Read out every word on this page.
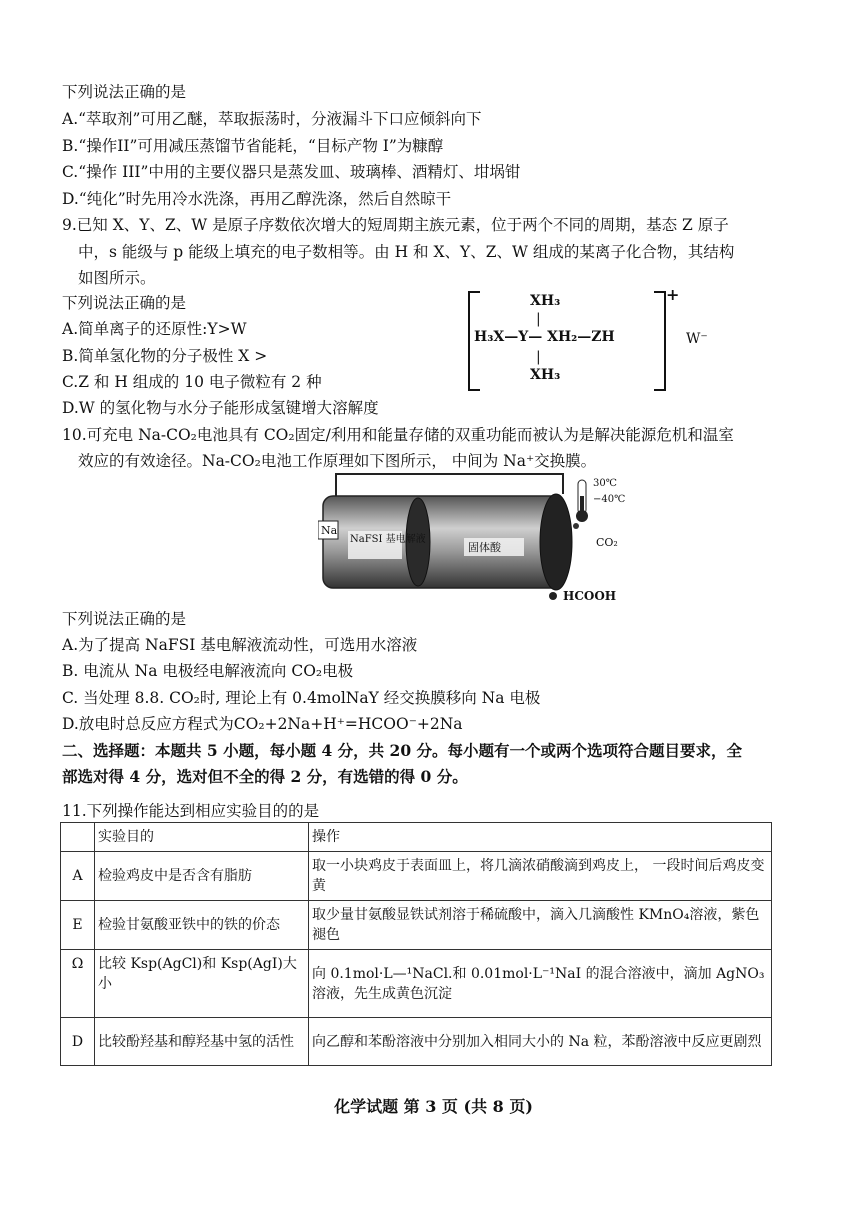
下列说法正确的是
A.“萃取剂”可用乙醚，萃取振荡时，分液漏斗下口应倾斜向下
B.“操作II”可用减压蒸馏节省能耗，“目标产物 I”为糠醇
C.“操作 III”中用的主要仪器只是蒸发皿、玻璃棒、酒精灯、坩埚钳
D.“纯化”时先用冷水洗涤，再用乙醇洗涤，然后自然晾干
9.已知 X、Y、Z、W 是原子序数依次增大的短周期主族元素，位于两个不同的周期，基态 Z 原子
中，s 能级与 p 能级上填充的电子数相等。由 H 和 X、Y、Z、W 组成的某离子化合物，其结构
如图所示。
下列说法正确的是
A.简单离子的还原性:Y>W
B.简单氢化物的分子极性 X >
C.Z 和 H 组成的 10 电子微粒有 2 种
D.W 的氢化物与水分子能形成氢键增大溶解度
XH₃
|
H₃X—Y— XH₂—ZH
|
XH₃
+
W⁻
10.可充电 Na-CO₂电池具有 CO₂固定/利用和能量存储的双重功能而被认为是解决能源危机和温室
效应的有效途径。Na-CO₂电池工作原理如下图所示， 中间为 Na⁺交换膜。
Na
NaFSI 基电解液
固体酸
30℃
−40℃
CO₂
HCOOH
下列说法正确的是
A.为了提高 NaFSI 基电解液流动性，可选用水溶液
B. 电流从 Na 电极经电解液流向 CO₂电极
C. 当处理 8.8. CO₂时, 理论上有 0.4molNaY 经交换膜移向 Na 电极
D.放电时总反应方程式为CO₂+2Na+H⁺=HCOO⁻+2Na
二、选择题：本题共 5 小题，每小题 4 分，共 20 分。每小题有一个或两个选项符合题目要求，全
部选对得 4 分，选对但不全的得 2 分，有选错的得 0 分。
11.下列操作能达到相应实验目的的是
	实验目的	操作
A	检验鸡皮中是否含有脂肪	取一小块鸡皮于表面皿上，将几滴浓硝酸滴到鸡皮上， 一段时间后鸡皮变黄
E	检验甘氨酸亚铁中的铁的价态	取少量甘氨酸显铁试剂溶于稀硫酸中，滴入几滴酸性 KMnO₄溶液，紫色褪色
Ω	比较 Ksp(AgCl)和 Ksp(AgI)大小	向 0.1mol·L—¹NaCl.和 0.01mol·L⁻¹NaI 的混合溶液中，滴加 AgNO₃溶液，先生成黄色沉淀
D	比较酚羟基和醇羟基中氢的活性	向乙醇和苯酚溶液中分别加入相同大小的 Na 粒，苯酚溶液中反应更剧烈
化学试题 第 3 页 (共 8 页)
